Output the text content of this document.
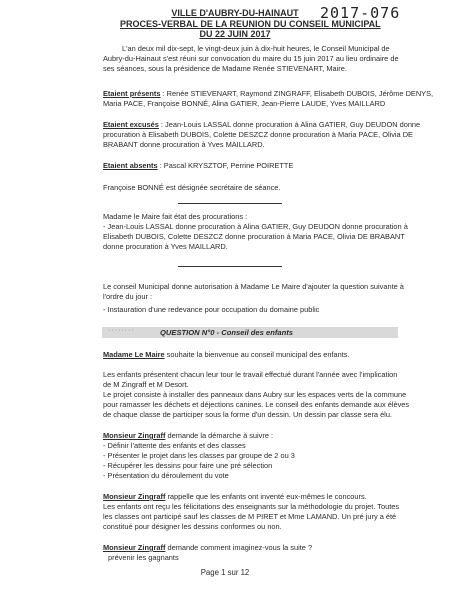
VILLE D'AUBRY-DU-HAINAUT
PROCES-VERBAL DE LA REUNION DU CONSEIL MUNICIPAL
DU 22 JUIN 2017
2017-076
L'an deux mil dix-sept, le vingt-deux juin à dix-huit heures, le Conseil Municipal de
Aubry-du-Hainaut s'est réuni sur convocation du maire du 15 juin 2017 au lieu ordinaire de
ses séances, sous la présidence de Madame Renée STIEVENART, Maire.
Etaient présents : Renée STIEVENART, Raymond ZINGRAFF, Elisabeth DUBOIS, Jérôme DENYS,
Maria PACE, Françoise BONNÉ, Alina GATIER, Jean-Pierre LAUDE, Yves MAILLARD
Etaient excusés : Jean-Louis LASSAL donne procuration à Alina GATIER, Guy DEUDON donne
procuration à Elisabeth DUBOIS, Colette DESZCZ donne procuration à Maria PACE, Olivia DE
BRABANT donne procuration à Yves MAILLARD.
Etaient absents : Pascal KRYSZTOF, Perrine POIRETTE
Françoise BONNÉ est désignée secrétaire de séance.
Madame le Maire fait état des procurations :
- Jean-Louis LASSAL donne procuration à Alina GATIER, Guy DEUDON donne procuration à
Elisabeth DUBOIS, Colette DESZCZ donne procuration à Maria PACE, Olivia DE BRABANT
donne procuration à Yves MAILLARD.
Le conseil Municipal donne autorisation à Madame Le Maire d'ajouter la question suivante à
l'ordre du jour :
- Instauration d'une redevance pour occupation du domaine public
········	QUESTION N°0 - Conseil des enfants
Madame Le Maire souhaite la bienvenue au conseil municipal des enfants.
Les enfants présentent chacun leur tour le travail effectué durant l'année avec l'implication
de M Zingraff et M Desort.
Le projet consiste à installer des panneaux dans Aubry sur les espaces verts de la commune
pour ramasser les déchets et déjections canines. Le conseil des enfants demande aux élèves
de chaque classe de participer sous la forme d'un dessin. Un dessin par classe sera élu.
Monsieur Zingraff demande la démarche à suivre :
- Définir l'attente des enfants et des classes
- Présenter le projet dans les classes par groupe de 2 ou 3
- Récupérer les dessins pour faire une pré sélection
- Présentation du déroulement du vote
Monsieur Zingraff rappelle que les enfants ont inventé eux-mêmes le concours.
Les enfants ont reçu les félicitations des enseignants sur la méthodologie du projet. Toutes
les classes ont participé sauf les classes de M PIRET et Mme LAMAND. Un pré jury a été
constitué pour désigner les dessins conformes ou non.
Monsieur Zingraff demande comment imaginez-vous la suite ?
prévenir les gagnants
Page 1 sur 12
